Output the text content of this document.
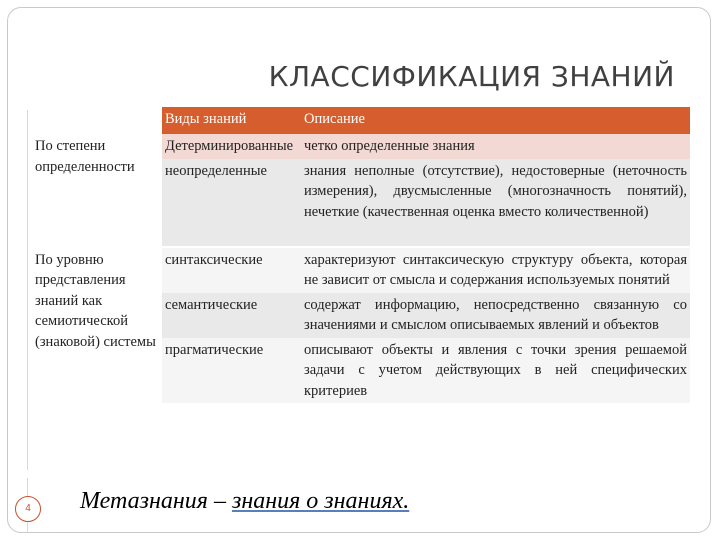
КЛАССИФИКАЦИЯ ЗНАНИЙ
	Виды знаний	Описание
По степени определенности	Детерминированные	четко определенные знания
	неопределенные	знания неполные (отсутствие), недостоверные (неточность измерения), двусмысленные (многозначность понятий), нечеткие (качественная оценка вместо количественной)
По уровню представления знаний как семиотической (знаковой) системы	синтаксические	характеризуют синтаксическую структуру объекта, которая не зависит от смысла и содержания используемых понятий
	семантические	содержат информацию, непосредственно связанную со значениями и смыслом описываемых явлений и объектов
	прагматические	описывают объекты и явления с точки зрения решаемой задачи с учетом действующих в ней специфических критериев
4	Метазнания – знания о знаниях.
